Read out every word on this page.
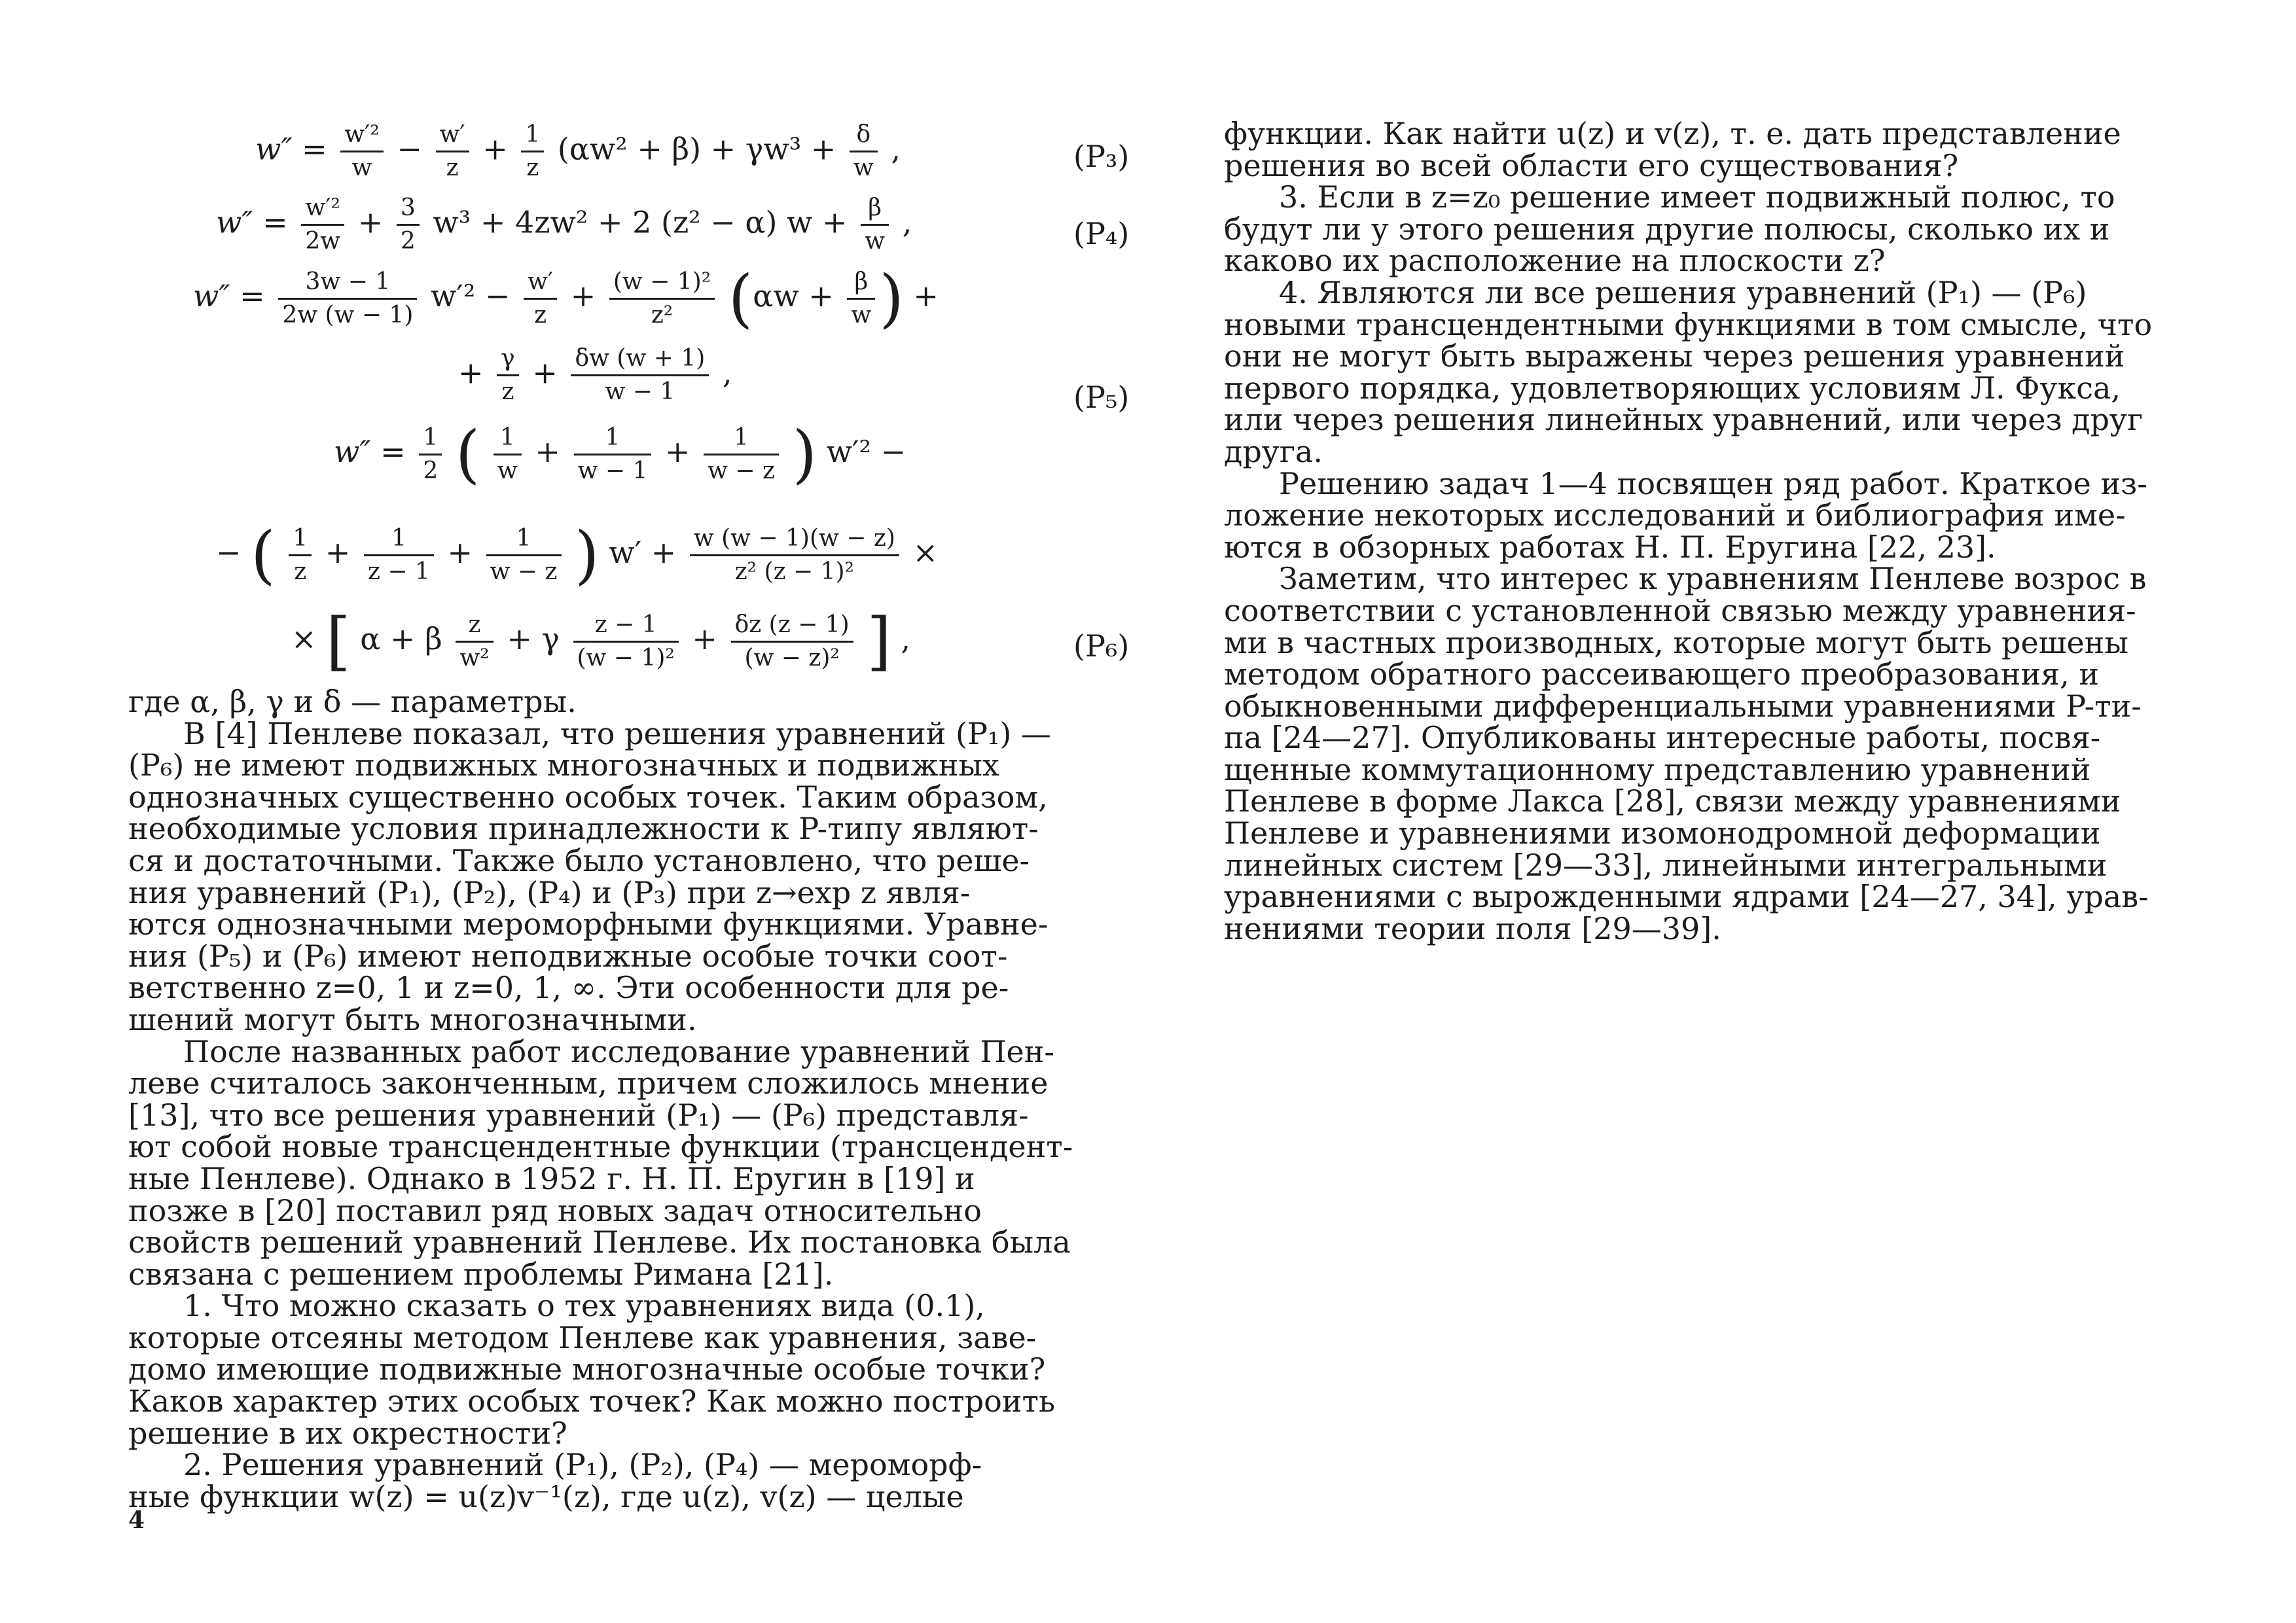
$w'' = \frac{\text{w′²}}{w} - \frac{w'}{z} + \frac{1}{z} (\alpha w^2 + \beta) + \gamma w^3 + \frac{\delta}{w}$ ,	(P₃)
$w'' = \frac{\text{w′²}}{2w} + \frac{3}{2} w^3 + 4zw^2 + 2$ (z² − α) $w + \frac{\beta}{w}$ ,	(P₄)
$w'' = \frac{3w - 1}{2w (w - 1)} w'^2 - \frac{w'}{z} + \frac{\text{(w − 1)²}}{\text{z²}} (\alpha w + \frac{\beta}{w}$ ) +
+ $\frac{\gamma}{z} + \frac{\delta w (w + 1)}{w - 1}$ ,
(P₅)
$w'' = \frac{1}{2}$ ( $\frac{1}{w} + \frac{1}{w - 1} + \frac{1}{w - z}$ ) w′² −
− ( $\frac{1}{z} + \frac{1}{z - 1} + \frac{1}{w - z}$ ) $w' + \frac{w (w - 1)(w - z)}{\text{z² (z − 1)²}}$ ×
× [ α + β $\frac{z}{\text{w²}} + \gamma \frac{z - 1}{\text{(w − 1)²}} + \frac{\delta z (z - 1)}{\text{(w − z)²}}$ ] ,	(P₆)

где α, β, γ и δ — параметры.

В [4] Пенлеве показал, что решения уравнений (P₁) —

(P₆) не имеют подвижных многозначных и подвижных

однозначных существенно особых точек. Таким образом,

необходимые условия принадлежности к P-типу являют-

ся и достаточными. Также было установлено, что реше-

ния уравнений (P₁), (P₂), (P₄) и (P₃) при z→exp z явля-

ются однозначными мероморфными функциями. Уравне-

ния (P₅) и (P₆) имеют неподвижные особые точки соот-

ветственно z=0, 1 и z=0, 1, ∞. Эти особенности для ре-

шений могут быть многозначными.

После названных работ исследование уравнений Пен-

леве считалось законченным, причем сложилось мнение

[13], что все решения уравнений (P₁) — (P₆) представля-

ют собой новые трансцендентные функции (трансцендент-

ные Пенлеве). Однако в 1952 г. Н. П. Еругин в [19] и

позже в [20] поставил ряд новых задач относительно

свойств решений уравнений Пенлеве. Их постановка была

связана с решением проблемы Римана [21].

1. Что можно сказать о тех уравнениях вида (0.1),

которые отсеяны методом Пенлеве как уравнения, заве-

домо имеющие подвижные многозначные особые точки?

Каков характер этих особых точек? Как можно построить

решение в их окрестности?

2. Решения уравнений (P₁), (P₂), (P₄) — мероморф-

ные функции w(z) = u(z)v⁻¹(z), где u(z), v(z) — целые

4

функции. Как найти u(z) и v(z), т. е. дать представление

решения во всей области его существования?

3. Если в z=z₀ решение имеет подвижный полюс, то

будут ли у этого решения другие полюсы, сколько их и

каково их расположение на плоскости z?

4. Являются ли все решения уравнений (P₁) — (P₆)

новыми трансцендентными функциями в том смысле, что

они не могут быть выражены через решения уравнений

первого порядка, удовлетворяющих условиям Л. Фукса,

или через решения линейных уравнений, или через друг

друга.

Решению задач 1—4 посвящен ряд работ. Краткое из-

ложение некоторых исследований и библиография име-

ются в обзорных работах Н. П. Еругина [22, 23].

Заметим, что интерес к уравнениям Пенлеве возрос в

соответствии с установленной связью между уравнения-

ми в частных производных, которые могут быть решены

методом обратного рассеивающего преобразования, и

обыкновенными дифференциальными уравнениями P-ти-

па [24—27]. Опубликованы интересные работы, посвя-

щенные коммутационному представлению уравнений

Пенлеве в форме Лакса [28], связи между уравнениями

Пенлеве и уравнениями изомонодромной деформации

линейных систем [29—33], линейными интегральными

уравнениями с вырожденными ядрами [24—27, 34], урав-

нениями теории поля [29—39].
